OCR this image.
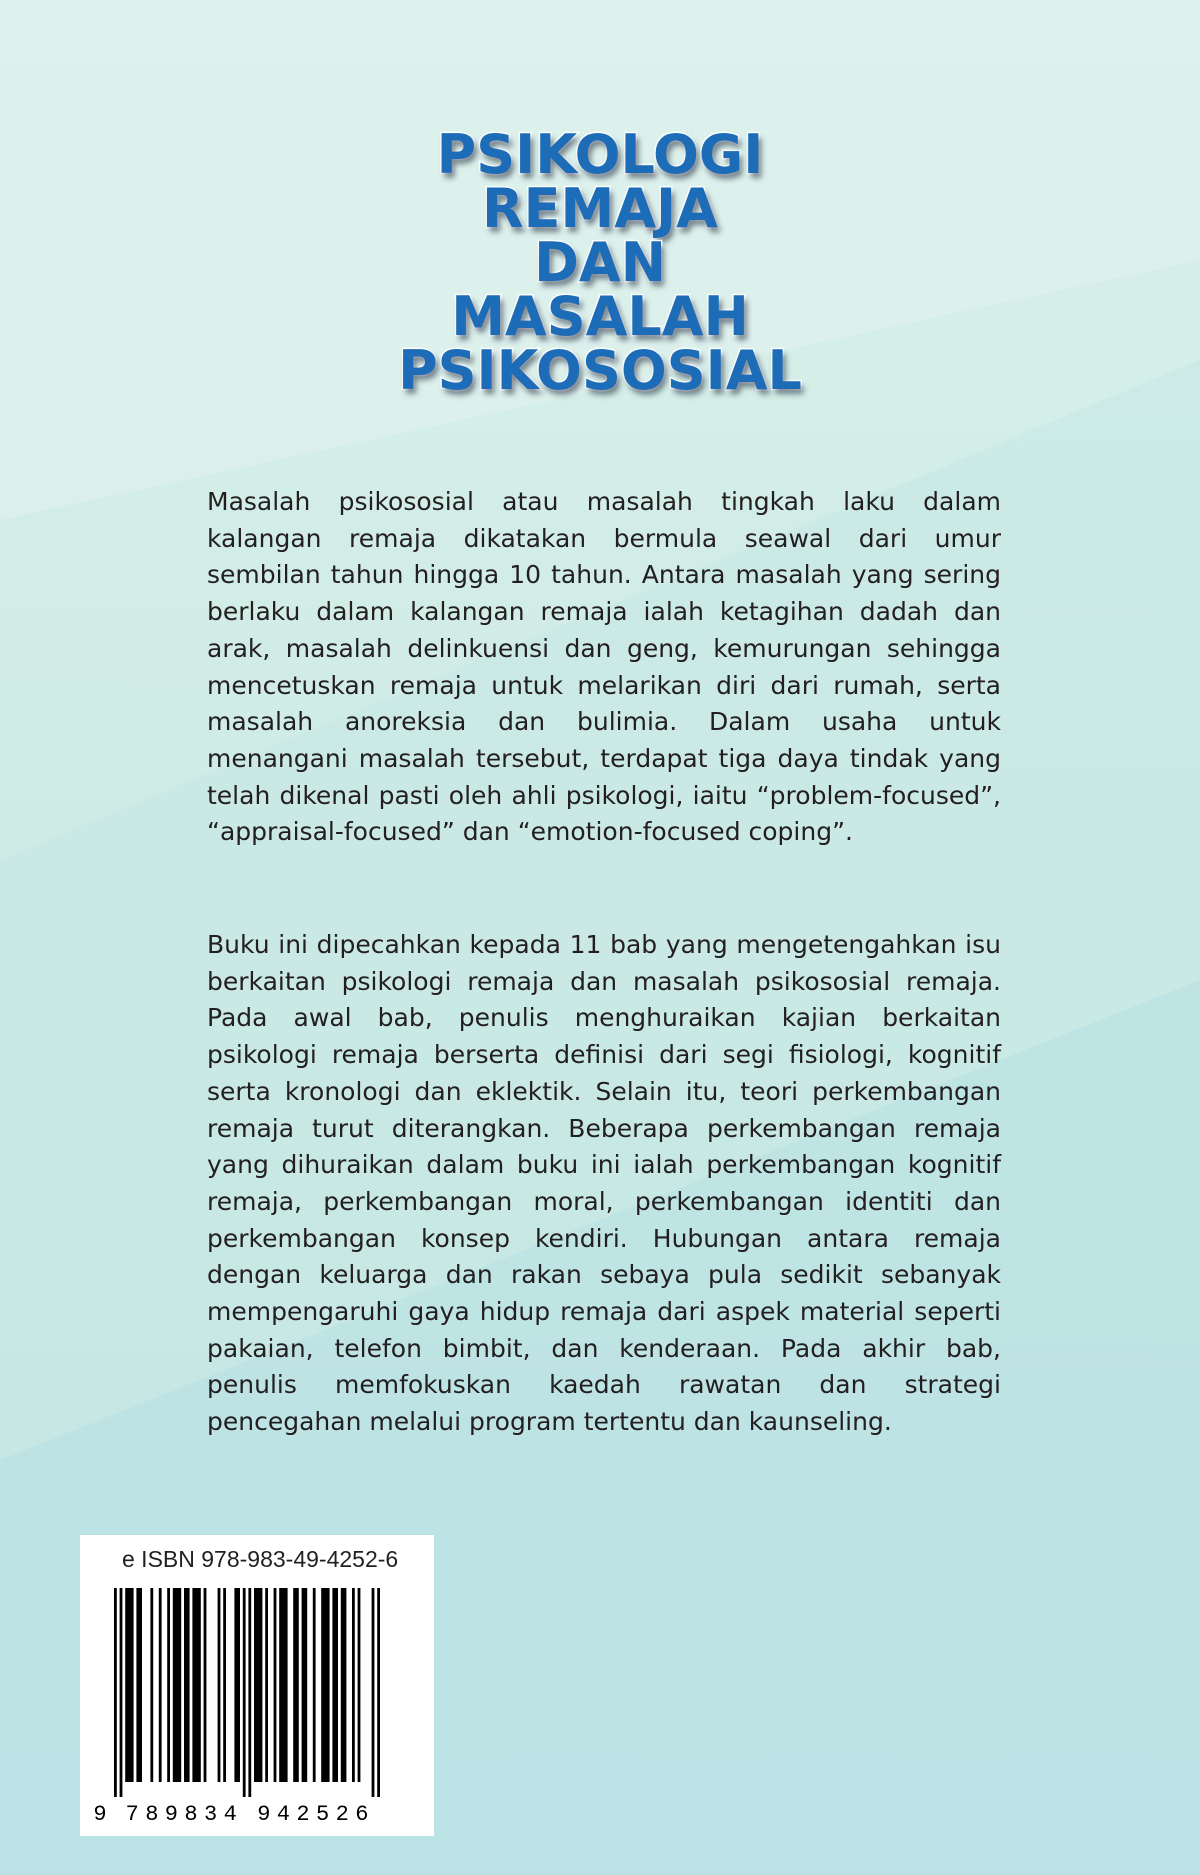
PSIKOLOGI
REMAJA
DAN
MASALAH
PSIKOSOSIAL

Masalah psikososial atau masalah tingkah laku dalam kalangan remaja dikatakan bermula seawal dari umur sembilan tahun hingga 10 tahun. Antara masalah yang sering berlaku dalam kalangan remaja ialah ketagihan dadah dan arak, masalah delinkuensi dan geng, kemurungan sehingga mencetuskan remaja untuk melarikan diri dari rumah, serta masalah anoreksia dan bulimia. Dalam usaha untuk menangani masalah tersebut, terdapat tiga daya tindak yang telah dikenal pasti oleh ahli psikologi, iaitu “problem-focused”, “appraisal-focused” dan “emotion-focused coping”.

Buku ini dipecahkan kepada 11 bab yang mengetengahkan isu berkaitan psikologi remaja dan masalah psikososial remaja. Pada awal bab, penulis menghuraikan kajian berkaitan psikologi remaja berserta definisi dari segi fisiologi, kognitif serta kronologi dan eklektik. Selain itu, teori perkembangan remaja turut diterangkan. Beberapa perkembangan remaja yang dihuraikan dalam buku ini ialah perkembangan kognitif remaja, perkembangan moral, perkembangan identiti dan perkembangan konsep kendiri. Hubungan antara remaja dengan keluarga dan rakan sebaya pula sedikit sebanyak mempengaruhi gaya hidup remaja dari aspek material seperti pakaian, telefon bimbit, dan kenderaan. Pada akhir bab, penulis memfokuskan kaedah rawatan dan strategi pencegahan melalui program tertentu dan kaunseling.

e ISBN 978-983-49-4252-6
9 7 8 9 8 3 4 9 4 2 5 2 6
